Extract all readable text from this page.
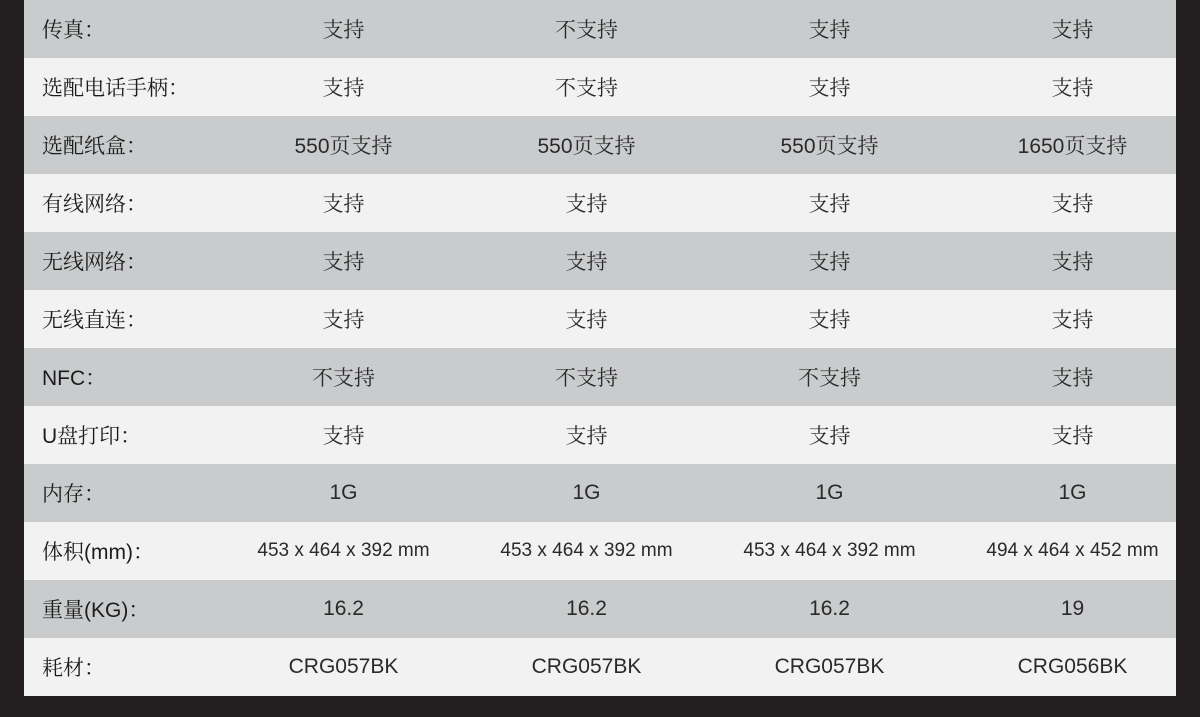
传真：	支持	不支持	支持	支持
选配电话手柄：	支持	不支持	支持	支持
选配纸盒：	550页支持	550页支持	550页支持	1650页支持
有线网络：	支持	支持	支持	支持
无线网络：	支持	支持	支持	支持
无线直连：	支持	支持	支持	支持
NFC：	不支持	不支持	不支持	支持
U盘打印：	支持	支持	支持	支持
内存：	1G	1G	1G	1G
体积(mm)：	453 x 464 x 392 mm	453 x 464 x 392 mm	453 x 464 x 392 mm	494 x 464 x 452 mm
重量(KG)：	16.2	16.2	16.2	19
耗材：	CRG057BK	CRG057BK	CRG057BK	CRG056BK
